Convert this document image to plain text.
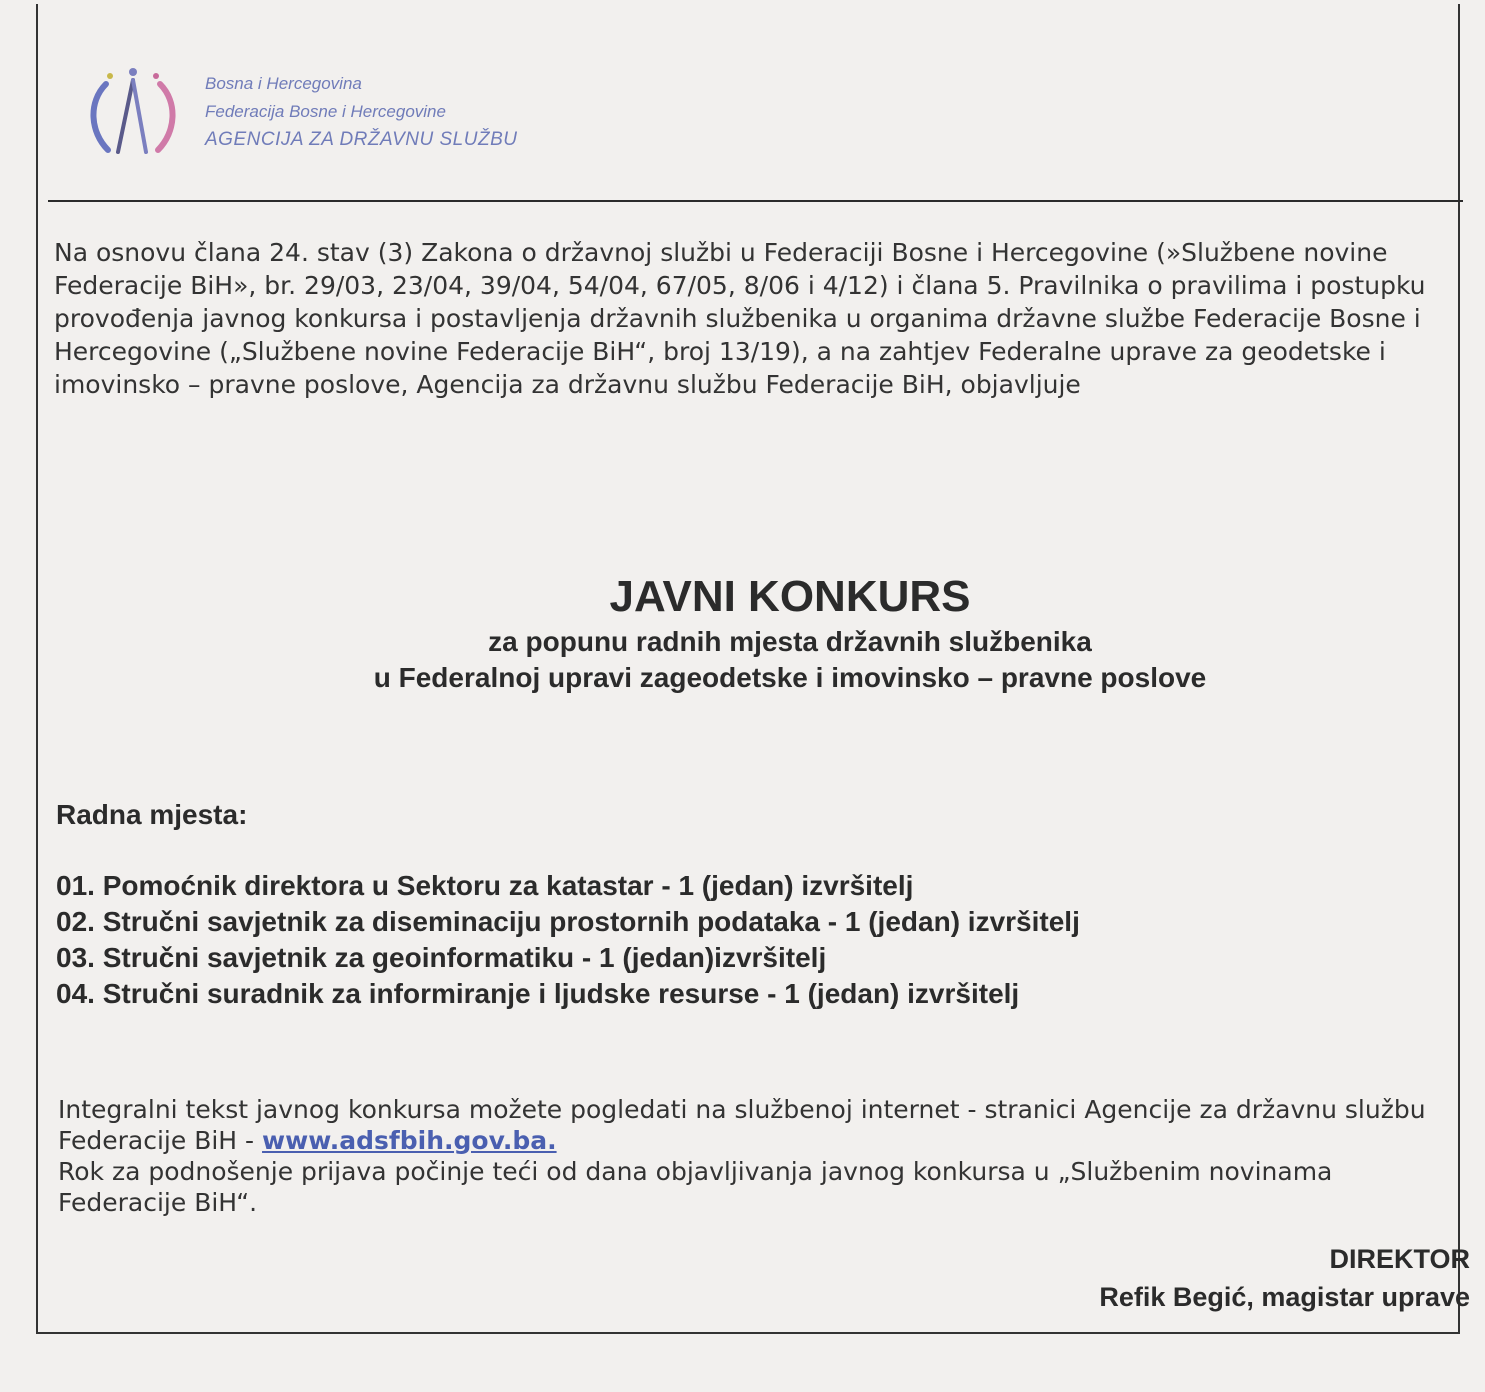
Bosna i Hercegovina
Federacija Bosne i Hercegovine
AGENCIJA ZA DRŽAVNU SLUŽBU
Na osnovu člana 24. stav (3) Zakona o državnoj službi u Federaciji Bosne i Hercegovine (»Službene novine Federacije BiH», br. 29/03, 23/04, 39/04, 54/04, 67/05, 8/06 i 4/12) i člana 5. Pravilnika o pravilima i postupku provođenja javnog konkursa i postavljenja državnih službenika u organima državne službe Federacije Bosne i Hercegovine („Službene novine Federacije BiH“, broj 13/19), a na zahtjev Federalne uprave za geodetske i imovinsko – pravne poslove, Agencija za državnu službu Federacije BiH, objavljuje
JAVNI KONKURS
za popunu radnih mjesta državnih službenika
u Federalnoj upravi zageodetske i imovinsko – pravne poslove
Radna mjesta:
01. Pomoćnik direktora u Sektoru za katastar - 1 (jedan) izvršitelj
02. Stručni savjetnik za diseminaciju prostornih podataka - 1 (jedan) izvršitelj
03. Stručni savjetnik za geoinformatiku - 1 (jedan)izvršitelj
04. Stručni suradnik za informiranje i ljudske resurse - 1 (jedan) izvršitelj
Integralni tekst javnog konkursa možete pogledati na službenoj internet - stranici Agencije za državnu službu Federacije BiH - www.adsfbih.gov.ba.
Rok za podnošenje prijava počinje teći od dana objavljivanja javnog konkursa u „Službenim novinama Federacije BiH“.
DIREKTOR
Refik Begić, magistar uprave
